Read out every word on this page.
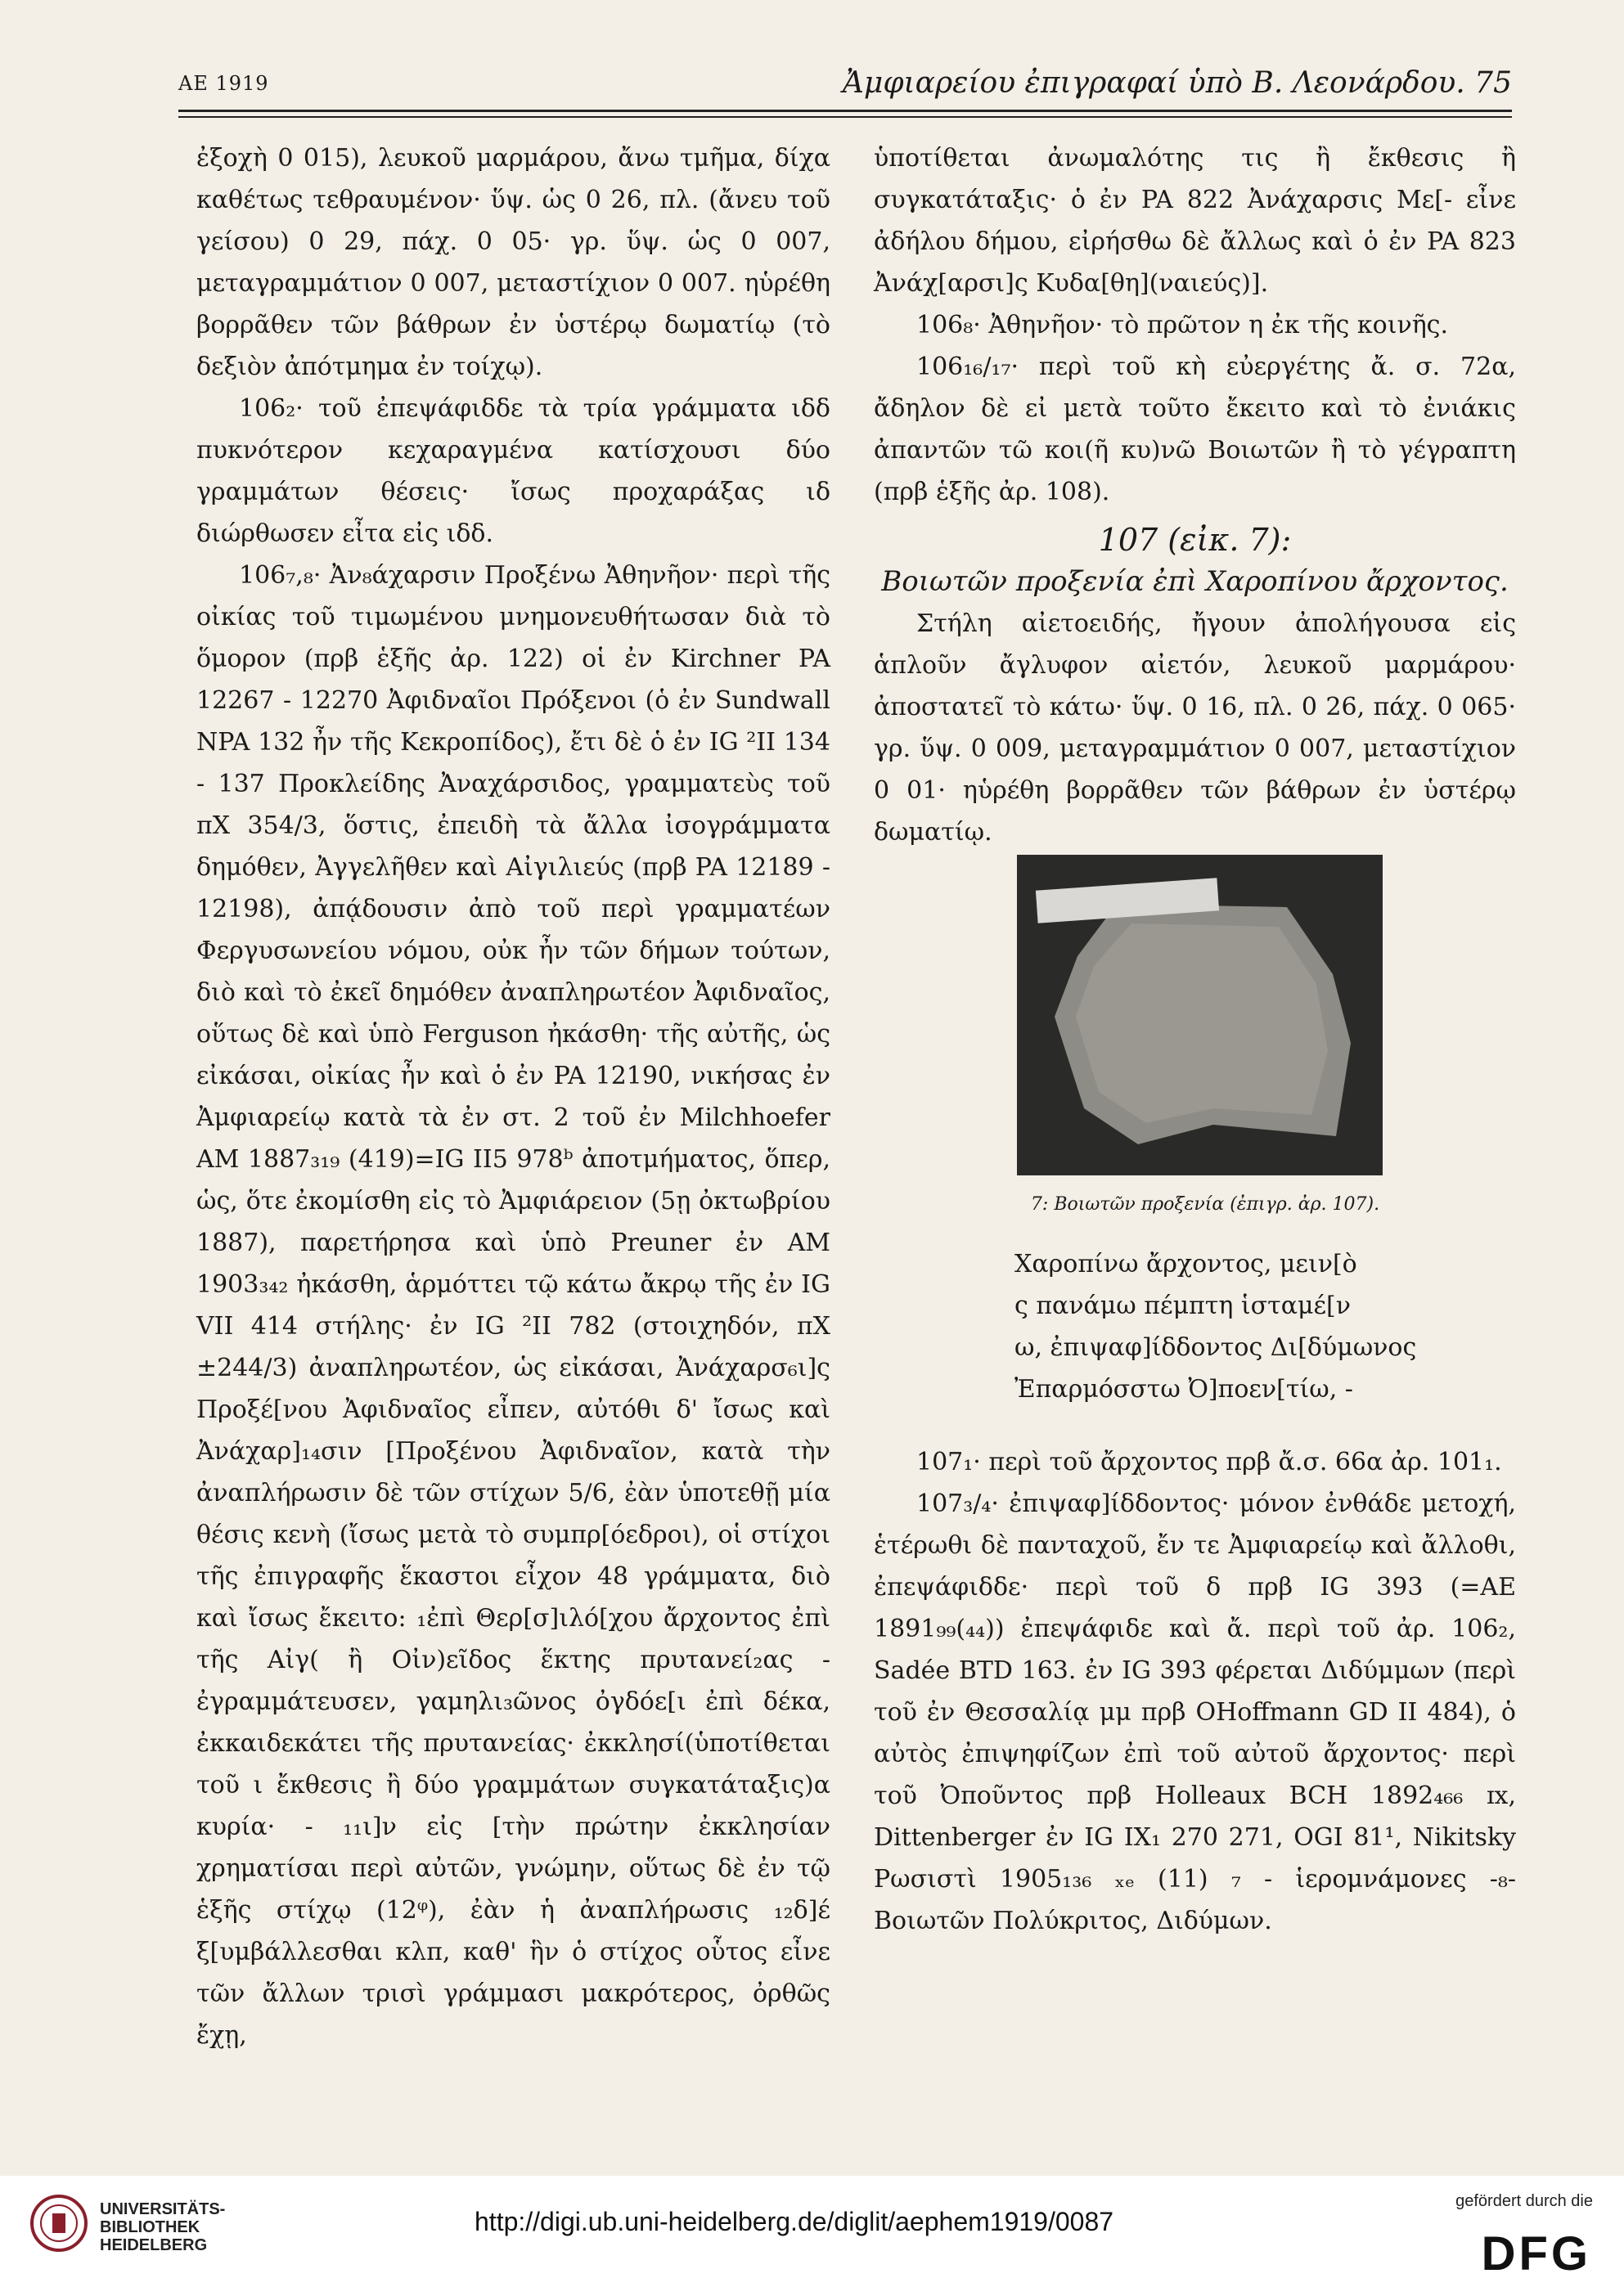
ΑΕ 1919	Ἀμφιαρείου ἐπιγραφαί ὑπὸ Β. Λεονάρδου. 75

ἐξοχὴ 0 015), λευκοῦ μαρμάρου, ἄνω τμῆμα, δίχα καθέτως τεθραυμένον· ὕψ. ὡς 0 26, πλ. (ἄνευ τοῦ γείσου) 0 29, πάχ. 0 05· γρ. ὕψ. ὡς 0 007, μεταγραμμάτιον 0 007, μεταστίχιον 0 007. ηὑρέθη βορρᾶθεν τῶν βάθρων ἐν ὑστέρῳ δωματίῳ (τὸ δεξιὸν ἀπότμημα ἐν τοίχῳ).

106₂· τοῦ ἐπεψάφιδδε τὰ τρία γράμματα ιδδ πυκνότερον κεχαραγμένα κατίσχουσι δύο γραμμάτων θέσεις· ἴσως προχαράξας ιδ διώρθωσεν εἶτα εἰς ιδδ.

106₇,₈· Ἀν₈άχαρσιν Προξένω Ἀθηνῆον· περὶ τῆς οἰκίας τοῦ τιμωμένου μνημονευθήτωσαν διὰ τὸ ὅμορον (πρβ ἑξῆς ἀρ. 122) οἱ ἐν Kirchner PA 12267 - 12270 Ἀφιδναῖοι Πρόξενοι (ὁ ἐν Sundwall NPA 132 ἦν τῆς Κεκροπίδος), ἔτι δὲ ὁ ἐν IG ²II 134 - 137 Προκλείδης Ἀναχάρσιδος, γραμματεὺς τοῦ πΧ 354/3, ὅστις, ἐπειδὴ τὰ ἄλλα ἰσογράμματα δημόθεν, Ἀγγελῆθεν καὶ Αἰγιλιεύς (πρβ PA 12189 - 12198), ἀπᾴδουσιν ἀπὸ τοῦ περὶ γραμματέων Φεργυσωνείου νόμου, οὐκ ἦν τῶν δήμων τούτων, διὸ καὶ τὸ ἐκεῖ δημόθεν ἀναπληρωτέον Ἀφιδναῖος, οὕτως δὲ καὶ ὑπὸ Ferguson ἠκάσθη· τῆς αὐτῆς, ὡς εἰκάσαι, οἰκίας ἦν καὶ ὁ ἐν PA 12190, νικήσας ἐν Ἀμφιαρείῳ κατὰ τὰ ἐν στ. 2 τοῦ ἐν Milchhoefer AM 1887₃₁₉ (419)=IG II5 978ᵇ ἀποτμήματος, ὅπερ, ὡς, ὅτε ἐκομίσθη εἰς τὸ Ἀμφιάρειον (5ῃ ὀκτωβρίου 1887), παρετήρησα καὶ ὑπὸ Preuner ἐν AM 1903₃₄₂ ἠκάσθη, ἁρμόττει τῷ κάτω ἄκρῳ τῆς ἐν IG VII 414 στήλης· ἐν IG ²II 782 (στοιχηδόν, πΧ ±244/3) ἀναπληρωτέον, ὡς εἰκάσαι, Ἀνάχαρσ₆ι]ς Προξέ[νου Ἀφιδναῖος εἶπεν, αὐτόθι δ' ἴσως καὶ Ἀνάχαρ]₁₄σιν [Προξένου Ἀφιδναῖον, κατὰ τὴν ἀναπλήρωσιν δὲ τῶν στίχων 5/6, ἐὰν ὑποτεθῇ μία θέσις κενὴ (ἴσως μετὰ τὸ συμπρ[όεδροι), οἱ στίχοι τῆς ἐπιγραφῆς ἕκαστοι εἶχον 48 γράμματα, διὸ καὶ ἴσως ἔκειτο: ₁ἐπὶ Θερ[σ]ιλό[χου ἄρχοντος ἐπὶ τῆς Αἰγ( ἢ Οἰν)εῖδος ἕκτης πρυτανεί₂ας - ἐγραμμάτευσεν, γαμηλι₃ῶνος ὀγδόε[ι ἐπὶ δέκα, ἐκκαιδεκάτει τῆς πρυτανείας· ἐκκλησί(ὑποτίθεται τοῦ ι ἔκθεσις ἢ δύο γραμμάτων συγκατάταξις)α κυρία· - ₁₁ι]ν εἰς [τὴν πρώτην ἐκκλησίαν χρηματίσαι περὶ αὐτῶν, γνώμην, οὕτως δὲ ἐν τῷ ἑξῆς στίχῳ (12ᵠ), ἐὰν ἡ ἀναπλήρωσις ₁₂δ]έ ξ[υμβάλλεσθαι κλπ, καθ' ἣν ὁ στίχος οὗτος εἶνε τῶν ἄλλων τρισὶ γράμμασι μακρότερος, ὀρθῶς ἔχῃ,

ὑποτίθεται ἀνωμαλότης τις ἢ ἔκθεσις ἢ συγκατάταξις· ὁ ἐν PA 822 Ἀνάχαρσις Με[- εἶνε ἀδήλου δήμου, εἰρήσθω δὲ ἄλλως καὶ ὁ ἐν PA 823 Ἀνάχ[αρσι]ς Κυδα[θη](ναιεύς)].

106₈· Ἀθηνῆον· τὸ πρῶτον η ἐκ τῆς κοινῆς.

106₁₆/₁₇· περὶ τοῦ κὴ εὐεργέτης ἄ. σ. 72α, ἄδηλον δὲ εἰ μετὰ τοῦτο ἔκειτο καὶ τὸ ἐνιάκις ἀπαντῶν τῶ κοι(ῆ κυ)νῶ Βοιωτῶν ἢ τὸ γέγραπτη (πρβ ἑξῆς ἀρ. 108).

107 (εἰκ. 7):

Βοιωτῶν προξενία ἐπὶ Χαροπίνου ἄρχοντος.

Στήλη αἰετοειδής, ἤγουν ἀπολήγουσα εἰς ἁπλοῦν ἄγλυφον αἰετόν, λευκοῦ μαρμάρου· ἀποστατεῖ τὸ κάτω· ὕψ. 0 16, πλ. 0 26, πάχ. 0 065· γρ. ὕψ. 0 009, μεταγραμμάτιον 0 007, μεταστίχιον 0 01· ηὑρέθη βορρᾶθεν τῶν βάθρων ἐν ὑστέρῳ δωματίῳ.

7: Βοιωτῶν προξενία (ἐπιγρ. ἀρ. 107).
Χαροπίνω ἄρχοντος, μειν[ὸ
ς πανάμω πέμπτη ἱσταμέ[ν
ω, ἐπιψαφ]ίδδοντος Δι[δύμωνος
Ἐπαρμόσστω Ὀ]ποεν[τίω, -

107₁· περὶ τοῦ ἄρχοντος πρβ ἄ.σ. 66α ἀρ. 101₁.

107₃/₄· ἐπιψαφ]ίδδοντος· μόνον ἐνθάδε μετοχή, ἑτέρωθι δὲ πανταχοῦ, ἔν τε Ἀμφιαρείῳ καὶ ἄλλοθι, ἐπεψάφιδδε· περὶ τοῦ δ πρβ IG 393 (=ΑΕ 1891₉₉(₄₄)) ἐπεψάφιδε καὶ ἄ. περὶ τοῦ ἀρ. 106₂, Sadée BTD 163. ἐν IG 393 φέρεται Διδύμμων (περὶ τοῦ ἐν Θεσσαλίᾳ μμ πρβ OHoffmann GD II 484), ὁ αὐτὸς ἐπιψηφίζων ἐπὶ τοῦ αὐτοῦ ἄρχοντος· περὶ τοῦ Ὀποῦντος πρβ Holleaux BCH 1892₄₆₆ ɪx, Dittenberger ἐν IG IX₁ 270 271, OGI 81¹, Nikitsky Ρωσιστὶ 1905₁₃₆ ₓₑ (11) ₇ - ἱερομνάμονες -₈- Βοιωτῶν Πολύκριτος, Διδύμων.

UNIVERSITÄTS-
BIBLIOTHEK
HEIDELBERG
http://digi.ub.uni-heidelberg.de/diglit/aephem1919/0087
gefördert durch die
DFG
